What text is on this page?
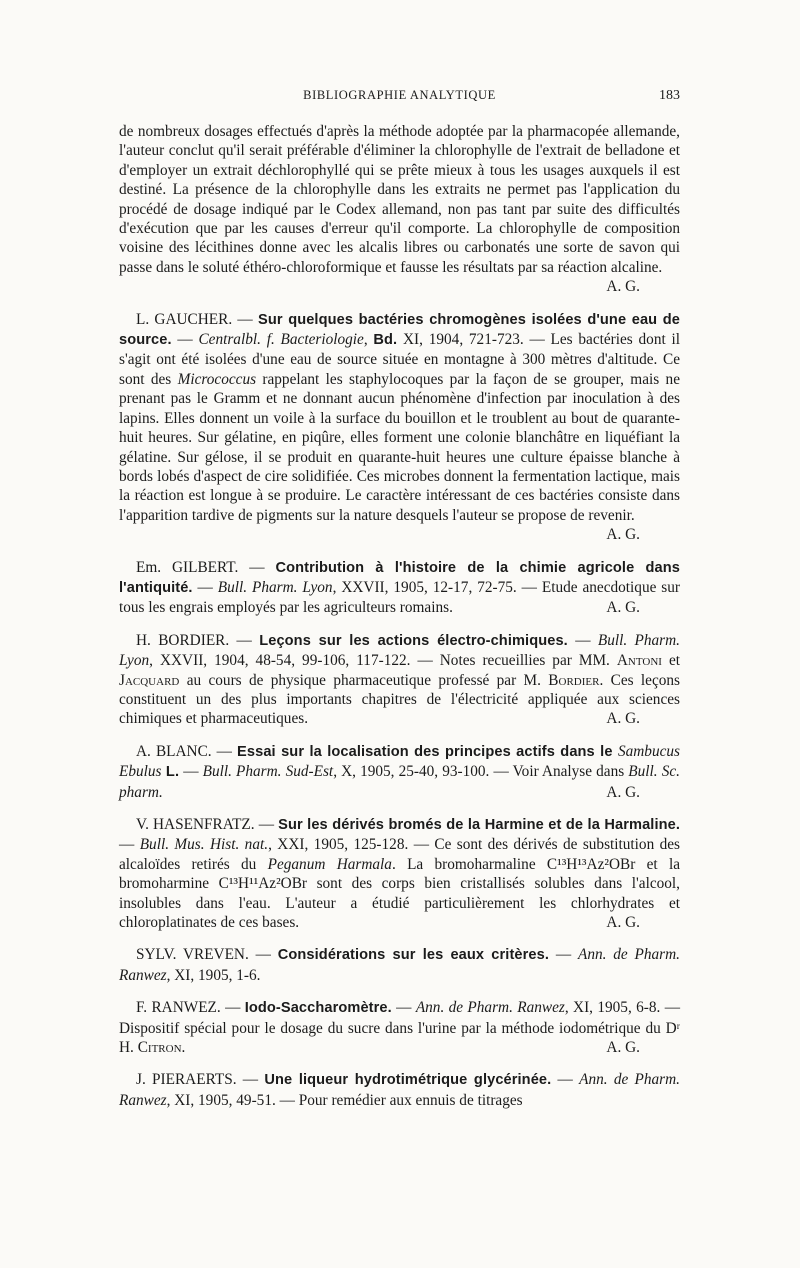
BIBLIOGRAPHIE ANALYTIQUE	183

de nombreux dosages effectués d'après la méthode adoptée par la pharmacopée allemande, l'auteur conclut qu'il serait préférable d'éliminer la chlorophylle de l'extrait de belladone et d'employer un extrait déchlorophyllé qui se prête mieux à tous les usages auxquels il est destiné. La présence de la chlorophylle dans les extraits ne permet pas l'application du procédé de dosage indiqué par le Codex allemand, non pas tant par suite des difficultés d'exécution que par les causes d'erreur qu'il comporte. La chlorophylle de composition voisine des lécithines donne avec les alcalis libres ou carbonatés une sorte de savon qui passe dans le soluté éthéro-chloroformique et fausse les résultats par sa réaction alcaline.
A. G.

L. GAUCHER. — Sur quelques bactéries chromogènes isolées d'une eau de source. — Centralbl. f. Bacteriologie, Bd. XI, 1904, 721-723. — Les bactéries dont il s'agit ont été isolées d'une eau de source située en montagne à 300 mètres d'altitude. Ce sont des Micrococcus rappelant les staphylocoques par la façon de se grouper, mais ne prenant pas le Gramm et ne donnant aucun phénomène d'infection par inoculation à des lapins. Elles donnent un voile à la surface du bouillon et le troublent au bout de quarante-huit heures. Sur gélatine, en piqûre, elles forment une colonie blanchâtre en liquéfiant la gélatine. Sur gélose, il se produit en quarante-huit heures une culture épaisse blanche à bords lobés d'aspect de cire solidifiée. Ces microbes donnent la fermentation lactique, mais la réaction est longue à se produire. Le caractère intéressant de ces bactéries consiste dans l'apparition tardive de pigments sur la nature desquels l'auteur se propose de revenir.
A. G.

Em. GILBERT. — Contribution à l'histoire de la chimie agricole dans l'antiquité. — Bull. Pharm. Lyon, XXVII, 1905, 12-17, 72-75. — Etude anecdotique sur tous les engrais employés par les agriculteurs romains.	A. G.

H. BORDIER. — Leçons sur les actions électro-chimiques. — Bull. Pharm. Lyon, XXVII, 1904, 48-54, 99-106, 117-122. — Notes recueillies par MM. Antoni et Jacquard au cours de physique pharmaceutique professé par M. Bordier. Ces leçons constituent un des plus importants chapitres de l'électricité appliquée aux sciences chimiques et pharmaceutiques.	A. G.

A. BLANC. — Essai sur la localisation des principes actifs dans le Sambucus Ebulus L. — Bull. Pharm. Sud-Est, X, 1905, 25-40, 93-100. — Voir Analyse dans Bull. Sc. pharm.	A. G.

V. HASENFRATZ. — Sur les dérivés bromés de la Harmine et de la Harmaline. — Bull. Mus. Hist. nat., XXI, 1905, 125-128. — Ce sont des dérivés de substitution des alcaloïdes retirés du Peganum Harmala. La bromoharmaline C¹³H¹³Az²OBr et la bromoharmine C¹³H¹¹Az²OBr sont des corps bien cristallisés solubles dans l'alcool, insolubles dans l'eau. L'auteur a étudié particulièrement les chlorhydrates et chloroplatinates de ces bases.	A. G.

SYLV. VREVEN. — Considérations sur les eaux critères. — Ann. de Pharm. Ranwez, XI, 1905, 1-6.

F. RANWEZ. — Iodo-Saccharomètre. — Ann. de Pharm. Ranwez, XI, 1905, 6-8. — Dispositif spécial pour le dosage du sucre dans l'urine par la méthode iodométrique du Dʳ H. Citron.	A. G.

J. PIERAERTS. — Une liqueur hydrotimétrique glycérinée. — Ann. de Pharm. Ranwez, XI, 1905, 49-51. — Pour remédier aux ennuis de titrages
